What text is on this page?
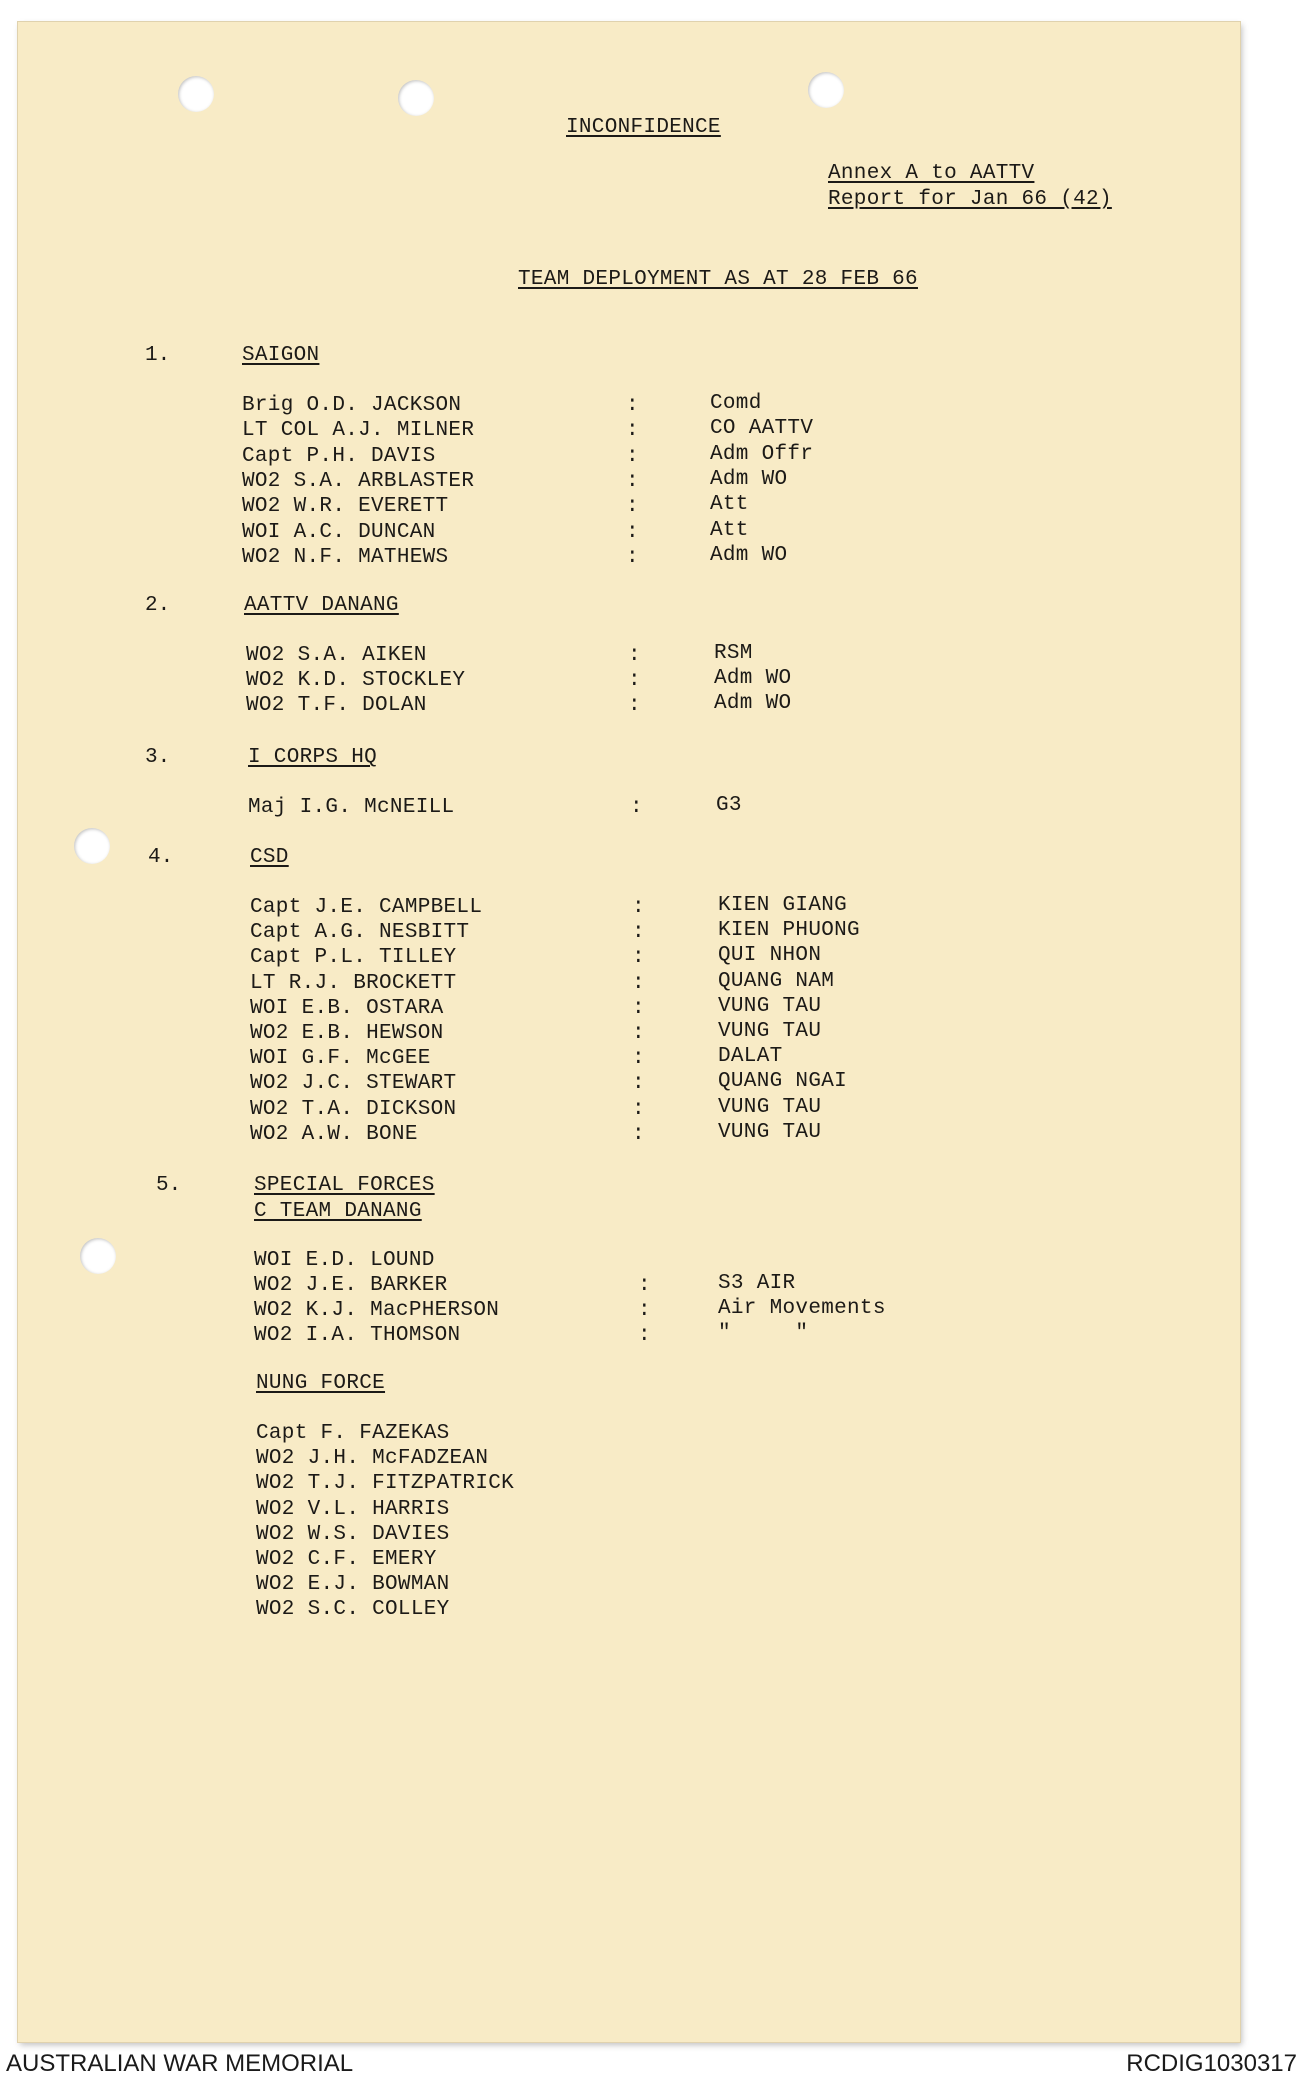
INCONFIDENCE
Annex A to AATTV
Report for Jan 66 (42)
TEAM DEPLOYMENT AS AT 28 FEB 66
1.	SAIGON
Brig O.D. JACKSON	:	Comd
LT COL A.J. MILNER	:	CO AATTV
Capt P.H. DAVIS	:	Adm Offr
WO2 S.A. ARBLASTER	:	Adm WO
WO2 W.R. EVERETT	:	Att
WOI A.C. DUNCAN	:	Att
WO2 N.F. MATHEWS	:	Adm WO
2.	AATTV DANANG
WO2 S.A. AIKEN	:	RSM
WO2 K.D. STOCKLEY	:	Adm WO
WO2 T.F. DOLAN	:	Adm WO
3.	I CORPS HQ
Maj I.G. McNEILL	:	G3
4.	CSD
Capt J.E. CAMPBELL	:	KIEN GIANG
Capt A.G. NESBITT	:	KIEN PHUONG
Capt P.L. TILLEY	:	QUI NHON
LT R.J. BROCKETT	:	QUANG NAM
WOI E.B. OSTARA	:	VUNG TAU
WO2 E.B. HEWSON	:	VUNG TAU
WOI G.F. McGEE	:	DALAT
WO2 J.C. STEWART	:	QUANG NGAI
WO2 T.A. DICKSON	:	VUNG TAU
WO2 A.W. BONE	:	VUNG TAU
5.	SPECIAL FORCES
C TEAM DANANG
WOI E.D. LOUND
WO2 J.E. BARKER	:	S3 AIR
WO2 K.J. MacPHERSON	:	Air Movements
WO2 I.A. THOMSON	:	"     "
NUNG FORCE
Capt F. FAZEKAS
WO2 J.H. McFADZEAN
WO2 T.J. FITZPATRICK
WO2 V.L. HARRIS
WO2 W.S. DAVIES
WO2 C.F. EMERY
WO2 E.J. BOWMAN
WO2 S.C. COLLEY
AUSTRALIAN WAR MEMORIAL	RCDIG1030317
